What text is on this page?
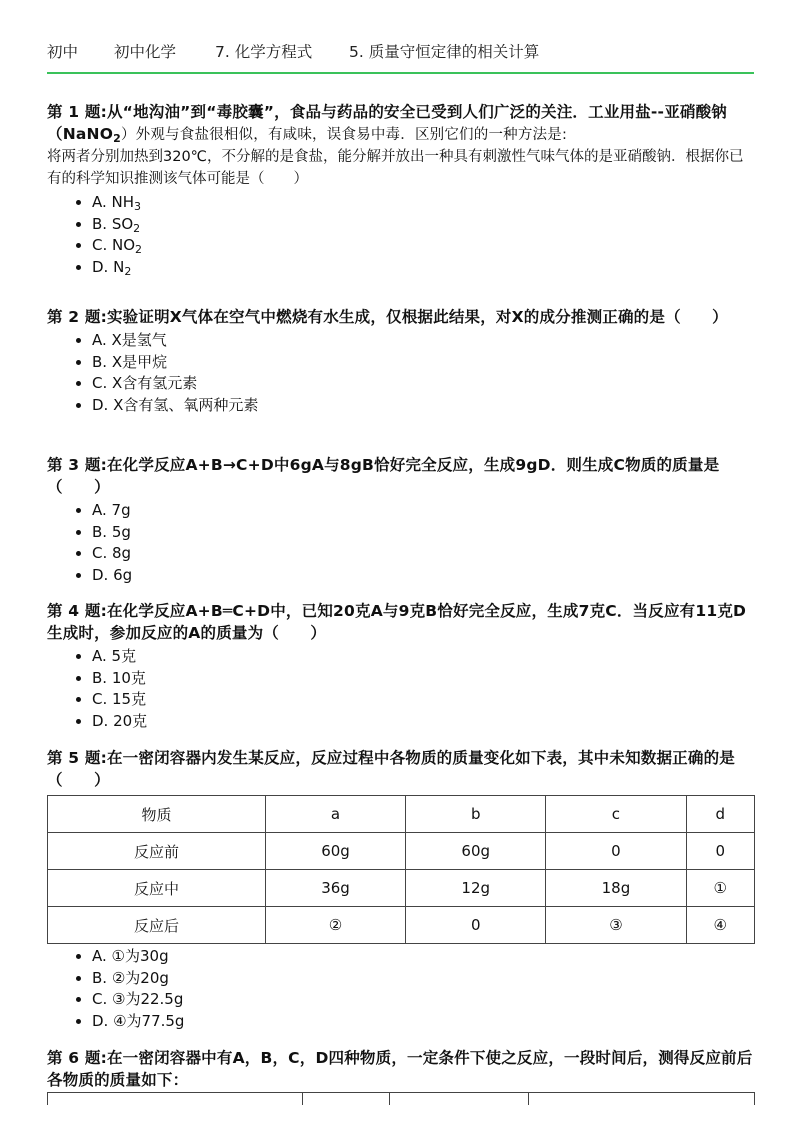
初中 初中化学	7. 化学方程式 5. 质量守恒定律的相关计算

第 1 题:从“地沟油”到“毒胶囊”，食品与药品的安全已受到人们广泛的关注．工业用盐--亚硝酸钠（NaNO$_2$）外观与食盐很相似，有咸味，误食易中毒．区别它们的一种方法是:

将两者分别加热到320℃，不分解的是食盐，能分解并放出一种具有刺激性气味气体的是亚硝酸钠．根据你已有的科学知识推测该气体可能是（　　）

• A. $NH_3$
• B. $SO_2$
• C. $NO_2$
• D. $N_2$

第 2 题:实验证明X气体在空气中燃烧有水生成，仅根据此结果，对X的成分推测正确的是（　　）

• A. X是氢气
• B. X是甲烷
• C. X含有氢元素
• D. X含有氢、氧两种元素

第 3 题:在化学反应A+B→C+D中6gA与8gB恰好完全反应，生成9gD．则生成C物质的质量是（　　）

• A. 7g
• B. 5g
• C. 8g
• D. 6g

第 4 题:在化学反应A+B═C+D中，已知20克A与9克B恰好完全反应，生成7克C．当反应有11克D生成时，参加反应的A的质量为（　　）

• A. 5克
• B. 10克
• C. 15克
• D. 20克

第 5 题:在一密闭容器内发生某反应，反应过程中各物质的质量变化如下表，其中未知数据正确的是（　　）

物质	a	b	c	d
反应前	60g	60g	0	0
反应中	36g	12g	18g	①
反应后	②	0	③	④
• A. ①为30g
• B. ②为20g
• C. ③为22.5g
• D. ④为77.5g

第 6 题:在一密闭容器中有A，B，C，D四种物质，一定条件下使之反应，一段时间后，测得反应前后各物质的质量如下：
